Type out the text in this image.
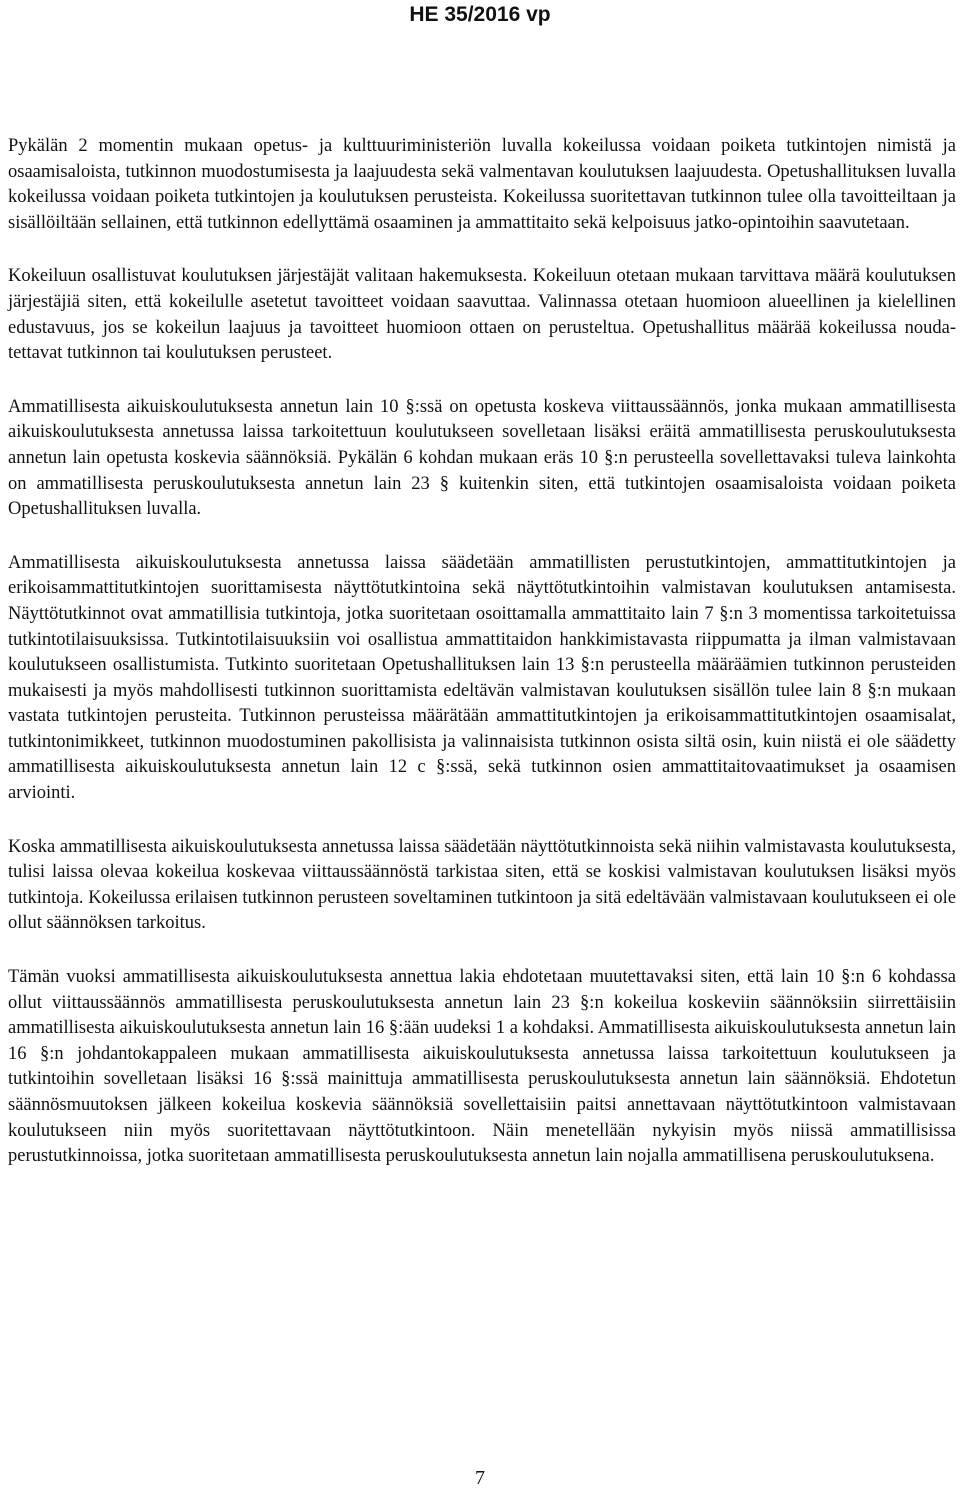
HE 35/2016 vp

Pykälän 2 momentin mukaan opetus- ja kulttuuriministeriön luvalla kokeilussa voidaan poiketa tutkintojen nimistä ja osaamisaloista, tutkinnon muodostumisesta ja laajuudesta sekä valmentavan koulutuksen laajuudesta. Opetushallituksen luvalla kokeilussa voidaan poiketa tutkintojen ja koulutuksen perusteista. Kokeilussa suoritettavan tutkinnon tulee olla tavoitteiltaan ja sisällöiltään sellainen, että tutkinnon edellyttämä osaaminen ja ammattitaito sekä kelpoisuus jatko-opintoihin saavutetaan.

Kokeiluun osallistuvat koulutuksen järjestäjät valitaan hakemuksesta. Kokeiluun otetaan mukaan tarvittava määrä koulutuksen järjestäjiä siten, että kokeilulle asetetut tavoitteet voidaan saavuttaa. Valinnassa otetaan huomioon alueellinen ja kielellinen edustavuus, jos se kokeilun laajuus ja tavoitteet huomioon ottaen on perusteltua. Opetushallitus määrää kokeilussa noudatettavat tutkinnon tai koulutuksen perusteet.

Ammatillisesta aikuiskoulutuksesta annetun lain 10 §:ssä on opetusta koskeva viittaussäännös, jonka mukaan ammatillisesta aikuiskoulutuksesta annetussa laissa tarkoitettuun koulutukseen sovelletaan lisäksi eräitä ammatillisesta peruskoulutuksesta annetun lain opetusta koskevia säännöksiä. Pykälän 6 kohdan mukaan eräs 10 §:n perusteella sovellettavaksi tuleva lainkohta on ammatillisesta peruskoulutuksesta annetun lain 23 § kuitenkin siten, että tutkintojen osaamisaloista voidaan poiketa Opetushallituksen luvalla.

Ammatillisesta aikuiskoulutuksesta annetussa laissa säädetään ammatillisten perustutkintojen, ammattitutkintojen ja erikoisammattitutkintojen suorittamisesta näyttötutkintoina sekä näyttötutkintoihin valmistavan koulutuksen antamisesta. Näyttötutkinnot ovat ammatillisia tutkintoja, jotka suoritetaan osoittamalla ammattitaito lain 7 §:n 3 momentissa tarkoitetuissa tutkintotilaisuuksissa. Tutkintotilaisuuksiin voi osallistua ammattitaidon hankkimistavasta riippumatta ja ilman valmistavaan koulutukseen osallistumista. Tutkinto suoritetaan Opetushallituksen lain 13 §:n perusteella määräämien tutkinnon perusteiden mukaisesti ja myös mahdollisesti tutkinnon suorittamista edeltävän valmistavan koulutuksen sisällön tulee lain 8 §:n mukaan vastata tutkintojen perusteita. Tutkinnon perusteissa määrätään ammattitutkintojen ja erikoisammattitutkintojen osaamisalat, tutkintonimikkeet, tutkinnon muodostuminen pakollisista ja valinnaisista tutkinnon osista siltä osin, kuin niistä ei ole säädetty ammatillisesta aikuiskoulutuksesta annetun lain 12 c §:ssä, sekä tutkinnon osien ammattitaitovaatimukset ja osaamisen arviointi.

Koska ammatillisesta aikuiskoulutuksesta annetussa laissa säädetään näyttötutkinnoista sekä niihin valmistavasta koulutuksesta, tulisi laissa olevaa kokeilua koskevaa viittaussäännöstä tarkistaa siten, että se koskisi valmistavan koulutuksen lisäksi myös tutkintoja. Kokeilussa erilaisen tutkinnon perusteen soveltaminen tutkintoon ja sitä edeltävään valmistavaan koulutukseen ei ole ollut säännöksen tarkoitus.

Tämän vuoksi ammatillisesta aikuiskoulutuksesta annettua lakia ehdotetaan muutettavaksi siten, että lain 10 §:n 6 kohdassa ollut viittaussäännös ammatillisesta peruskoulutuksesta annetun lain 23 §:n kokeilua koskeviin säännöksiin siirrettäisiin ammatillisesta aikuiskoulutuksesta annetun lain 16 §:ään uudeksi 1 a kohdaksi. Ammatillisesta aikuiskoulutuksesta annetun lain 16 §:n johdantokappaleen mukaan ammatillisesta aikuiskoulutuksesta annetussa laissa tarkoitettuun koulutukseen ja tutkintoihin sovelletaan lisäksi 16 §:ssä mainittuja ammatillisesta peruskoulutuksesta annetun lain säännöksiä. Ehdotetun säännösmuutoksen jälkeen kokeilua koskevia säännöksiä sovellettaisiin paitsi annettavaan näyttötutkintoon valmistavaan koulutukseen niin myös suoritettavaan näyttötutkintoon. Näin menetellään nykyisin myös niissä ammatillisissa perustutkinnoissa, jotka suoritetaan ammatillisesta peruskoulutuksesta annetun lain nojalla ammatillisena peruskoulutuksena.

7
